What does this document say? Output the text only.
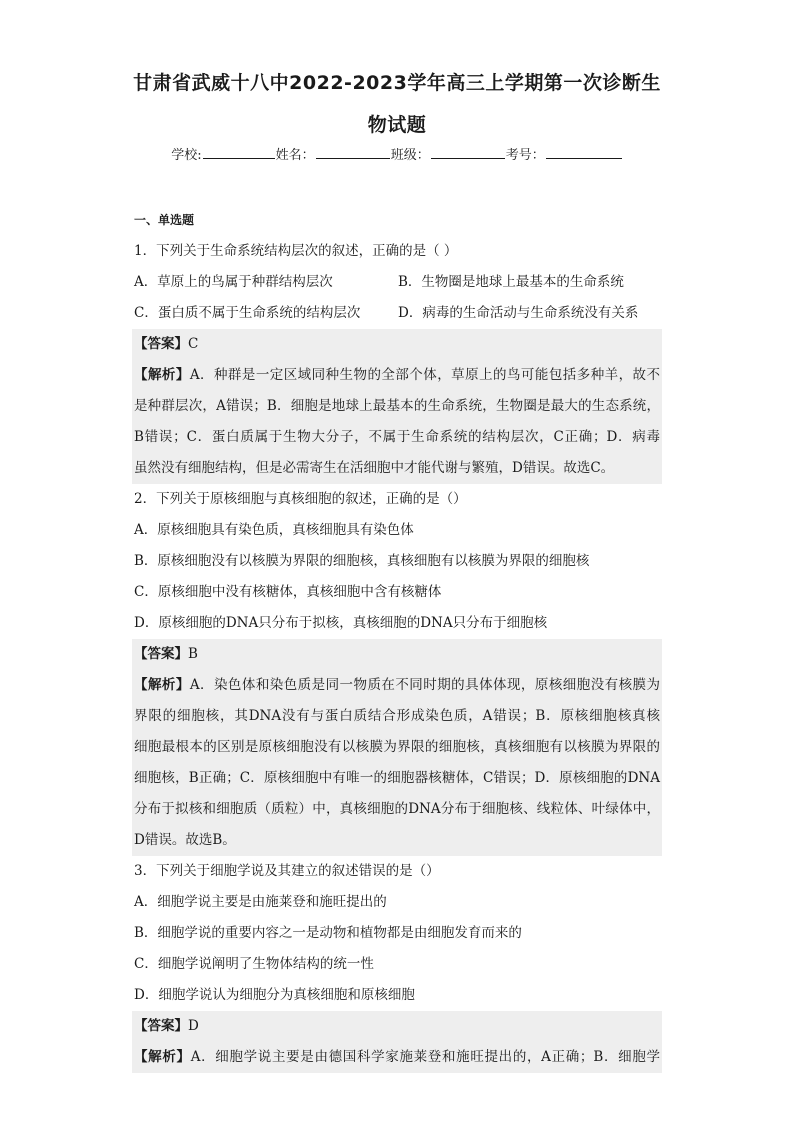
甘肃省武威十八中2022-2023学年高三上学期第一次诊断生
物试题
学校:	姓名：	班级：	考号：
一、单选题
1．下列关于生命系统结构层次的叙述，正确的是（ ）
A．草原上的鸟属于种群结构层次	B．生物圈是地球上最基本的生命系统
C．蛋白质不属于生命系统的结构层次	D．病毒的生命活动与生命系统没有关系
【答案】C
【解析】A．种群是一定区域同种生物的全部个体，草原上的鸟可能包括多种羊，故不
是种群层次，A错误；B．细胞是地球上最基本的生命系统，生物圈是最大的生态系统，
B错误；C．蛋白质属于生物大分子，不属于生命系统的结构层次，C正确；D．病毒
虽然没有细胞结构，但是必需寄生在活细胞中才能代谢与繁殖，D错误。故选C。
2．下列关于原核细胞与真核细胞的叙述，正确的是（）
A．原核细胞具有染色质，真核细胞具有染色体
B．原核细胞没有以核膜为界限的细胞核，真核细胞有以核膜为界限的细胞核
C．原核细胞中没有核糖体，真核细胞中含有核糖体
D．原核细胞的DNA只分布于拟核，真核细胞的DNA只分布于细胞核
【答案】B
【解析】A．染色体和染色质是同一物质在不同时期的具体体现，原核细胞没有核膜为
界限的细胞核，其DNA没有与蛋白质结合形成染色质，A错误；B．原核细胞核真核
细胞最根本的区别是原核细胞没有以核膜为界限的细胞核，真核细胞有以核膜为界限的
细胞核，B正确；C．原核细胞中有唯一的细胞器核糖体，C错误；D．原核细胞的DNA
分布于拟核和细胞质（质粒）中，真核细胞的DNA分布于细胞核、线粒体、叶绿体中，
D错误。故选B。
3．下列关于细胞学说及其建立的叙述错误的是（）
A．细胞学说主要是由施莱登和施旺提出的
B．细胞学说的重要内容之一是动物和植物都是由细胞发育而来的
C．细胞学说阐明了生物体结构的统一性
D．细胞学说认为细胞分为真核细胞和原核细胞
【答案】D
【解析】A．细胞学说主要是由德国科学家施莱登和施旺提出的，A正确；B．细胞学
